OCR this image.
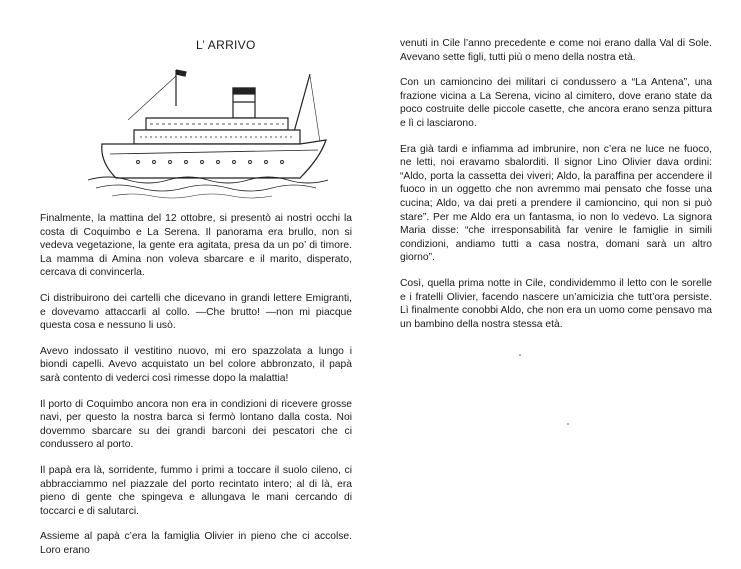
L’ ARRIVO

Finalmente, la mattina del 12 ottobre, si presentò ai nostri occhi la costa di Coquimbo e La Serena. Il panorama era brullo, non si vedeva vegetazione, la gente era agitata, presa da un po’ di timore. La mamma di Amina non voleva sbarcare e il marito, disperato, cercava di convincerla.

Ci distribuirono dei cartelli che dicevano in grandi lettere Emigranti, e dovevamo attaccarli al collo. —Che brutto! —non mi piacque questa cosa e nessuno li usò.

Avevo indossato il vestitino nuovo, mi ero spazzolata a lungo i biondi capelli. Avevo acquistato un bel colore abbronzato, il papà sarà contento di vederci così rimesse dopo la malattia!

Il porto di Coquimbo ancora non era in condizioni di ricevere grosse navi, per questo la nostra barca si fermò lontano dalla costa. Noi dovemmo sbarcare su dei grandi barconi dei pescatori che ci condussero al porto.

Il papà era là, sorridente, fummo i primi a toccare il suolo cileno, ci abbracciammo nel piazzale del porto recintato intero; al di là, era pieno di gente che spingeva e allungava le mani cercando di toccarci e di salutarci.

Assieme al papà c’era la famiglia Olivier in pieno che ci accolse. Loro erano

venuti in Cile l’anno precedente e come noi erano dalla Val di Sole. Avevano sette figli, tutti più o meno della nostra età.

Con un camioncino dei militari ci condussero a “La Antena”, una frazione vicina a La Serena, vicino al cimitero, dove erano state da poco costruite delle piccole casette, che ancora erano senza pittura e lì ci lasciarono.

Era già tardi e infiamma ad imbrunire, non c’era ne luce ne fuoco, ne letti, noi eravamo sbalorditi. Il signor Lino Olivier dava ordini: “Aldo, porta la cassetta dei viveri; Aldo, la paraffina per accendere il fuoco in un oggetto che non avremmo mai pensato che fosse una cucina; Aldo, va dai preti a prendere il camioncino, qui non si può stare”. Per me Aldo era un fantasma, io non lo vedevo. La signora Maria disse: “che irresponsabilità far venire le famiglie in simili condizioni, andiamo tutti a casa nostra, domani sarà un altro giorno”.

Così, quella prima notte in Cile, condividemmo il letto con le sorelle e i fratelli Olivier, facendo nascere un’amicizia che tutt’ora persiste. Lì finalmente conobbi Aldo, che non era un uomo come pensavo ma un bambino della nostra stessa età.
